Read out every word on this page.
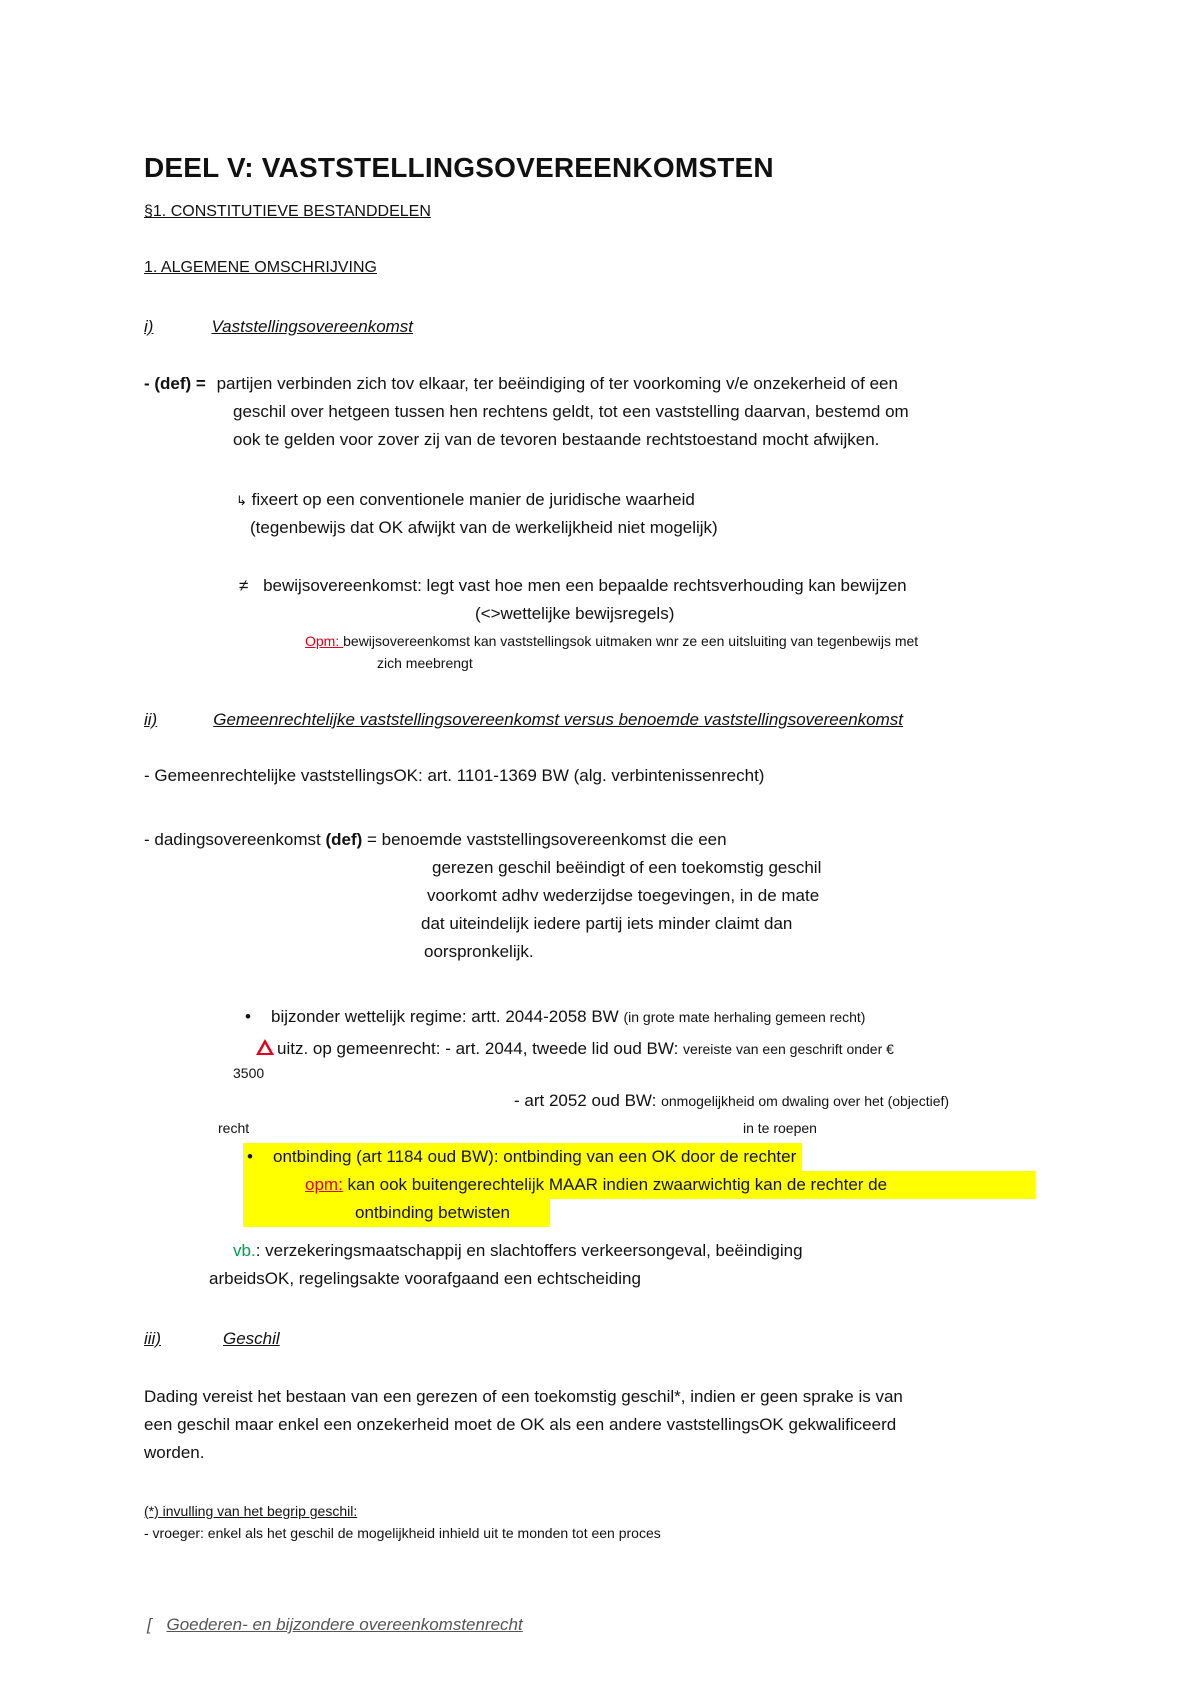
DEEL V: VASTSTELLINGSOVEREENKOMSTEN
§1. CONSTITUTIEVE BESTANDDELEN
1. ALGEMENE OMSCHRIJVING
i)	Vaststellingsovereenkomst
- (def) = partijen verbinden zich tov elkaar, ter beëindiging of ter voorkoming v/e onzekerheid of een
geschil over hetgeen tussen hen rechtens geldt, tot een vaststelling daarvan, bestemd om
ook te gelden voor zover zij van de tevoren bestaande rechtstoestand mocht afwijken.
↳ fixeert op een conventionele manier de juridische waarheid
(tegenbewijs dat OK afwijkt van de werkelijkheid niet mogelijk)
≠ bewijsovereenkomst: legt vast hoe men een bepaalde rechtsverhouding kan bewijzen
(<>wettelijke bewijsregels)
Opm: bewijsovereenkomst kan vaststellingsok uitmaken wnr ze een uitsluiting van tegenbewijs met
zich meebrengt
ii)	Gemeenrechtelijke vaststellingsovereenkomst versus benoemde vaststellingsovereenkomst
- Gemeenrechtelijke vaststellingsOK: art. 1101-1369 BW (alg. verbintenissenrecht)
- dadingsovereenkomst (def) = benoemde vaststellingsovereenkomst die een
gerezen geschil beëindigt of een toekomstig geschil
voorkomt adhv wederzijdse toegevingen, in de mate
dat uiteindelijk iedere partij iets minder claimt dan
oorspronkelijk.
• bijzonder wettelijk regime: artt. 2044-2058 BW (in grote mate herhaling gemeen recht)
uitz. op gemeenrecht: - art. 2044, tweede lid oud BW: vereiste van een geschrift onder €
3500
- art 2052 oud BW: onmogelijkheid om dwaling over het (objectief)
recht	in te roepen
• ontbinding (art 1184 oud BW): ontbinding van een OK door de rechter
opm: kan ook buitengerechtelijk MAAR indien zwaarwichtig kan de rechter de
ontbinding betwisten
vb.: verzekeringsmaatschappij en slachtoffers verkeersongeval, beëindiging
arbeidsOK, regelingsakte voorafgaand een echtscheiding
iii)	Geschil
Dading vereist het bestaan van een gerezen of een toekomstig geschil*, indien er geen sprake is van
een geschil maar enkel een onzekerheid moet de OK als een andere vaststellingsOK gekwalificeerd
worden.
(*) invulling van het begrip geschil:
- vroeger: enkel als het geschil de mogelijkheid inhield uit te monden tot een proces
[ Goederen- en bijzondere overeenkomstenrecht
